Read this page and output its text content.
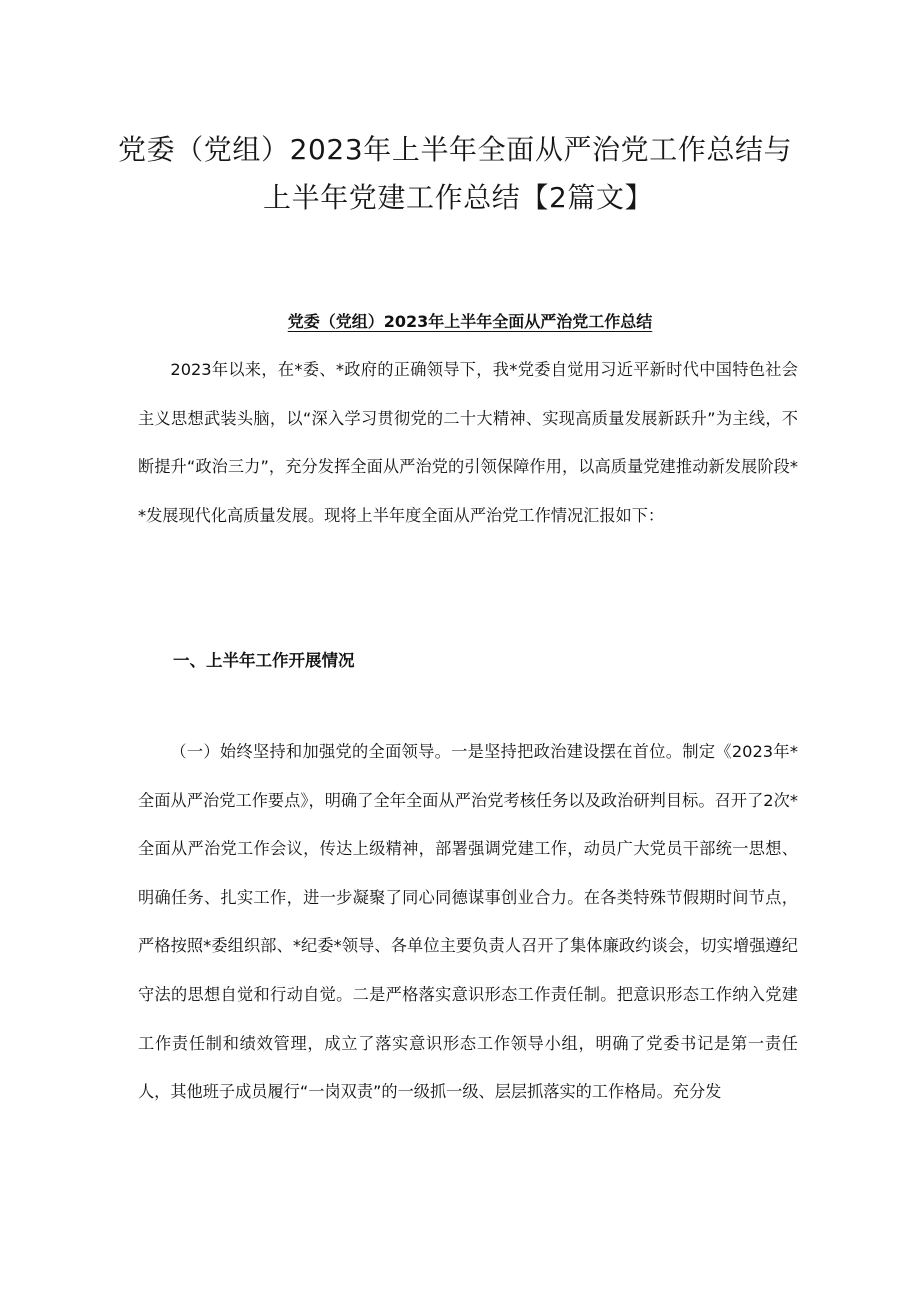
党委（党组）2023年上半年全面从严治党工作总结与
上半年党建工作总结【2篇文】
党委（党组）2023年上半年全面从严治党工作总结

2023年以来，在*委、*政府的正确领导下，我*党委自觉用习近平新时代中国特色社会主义思想武装头脑，以“深入学习贯彻党的二十大精神、实现高质量发展新跃升”为主线，不断提升“政治三力”，充分发挥全面从严治党的引领保障作用，以高质量党建推动新发展阶段**发展现代化高质量发展。现将上半年度全面从严治党工作情况汇报如下：

一、上半年工作开展情况

（一）始终坚持和加强党的全面领导。一是坚持把政治建设摆在首位。制定《2023年*全面从严治党工作要点》，明确了全年全面从严治党考核任务以及政治研判目标。召开了2次*全面从严治党工作会议，传达上级精神，部署强调党建工作，动员广大党员干部统一思想、明确任务、扎实工作，进一步凝聚了同心同德谋事创业合力。在各类特殊节假期时间节点，严格按照*委组织部、*纪委*领导、各单位主要负责人召开了集体廉政约谈会，切实增强遵纪守法的思想自觉和行动自觉。二是严格落实意识形态工作责任制。把意识形态工作纳入党建工作责任制和绩效管理，成立了落实意识形态工作领导小组，明确了党委书记是第一责任人，其他班子成员履行“一岗双责”的一级抓一级、层层抓落实的工作格局。充分发
